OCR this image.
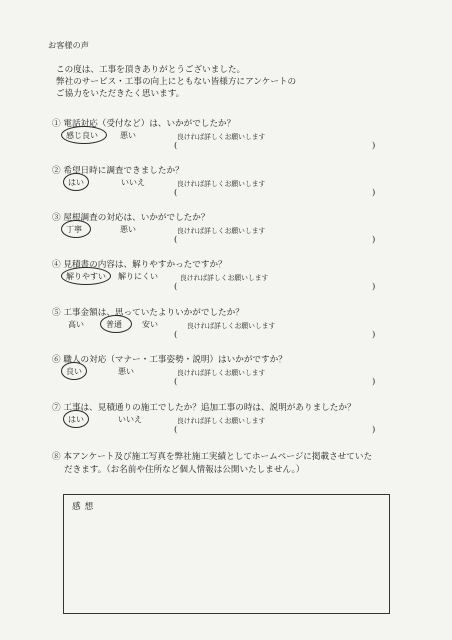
お客様の声
この度は、工事を頂きありがとうございました。
弊社のサービス・工事の向上にともない皆様方にアンケートの
ご協力をいただきたく思います。
① 電話対応（受付など）は、いかがでしたか？
感じ良い	悪い	良ければ詳しくお願いします
(	)
② 希望日時に調査できましたか？
はい	いいえ	良ければ詳しくお願いします
(	)
③ 屋根調査の対応は、いかがでしたか？
丁寧	悪い	良ければ詳しくお願いします
(	)
④ 見積書の内容は、解りやすかったですか？
解りやすい 解りにくい	良ければ詳しくお願いします
(	)
⑤ 工事金額は、思っていたよりいかがでしたか？
高い	普通	安い	良ければ詳しくお願いします
(	)
⑥ 職人の対応（マナー・工事姿勢・説明）はいかがですか？
良い	悪い	良ければ詳しくお願いします
(	)
⑦ 工事は、見積通りの施工でしたか？追加工事の時は、説明がありましたか？
はい	いいえ	良ければ詳しくお願いします
(	)
⑧ 本アンケート及び施工写真を弊社施工実績としてホームページに掲載させていた
だきます。（お名前や住所など個人情報は公開いたしません。）
感想
